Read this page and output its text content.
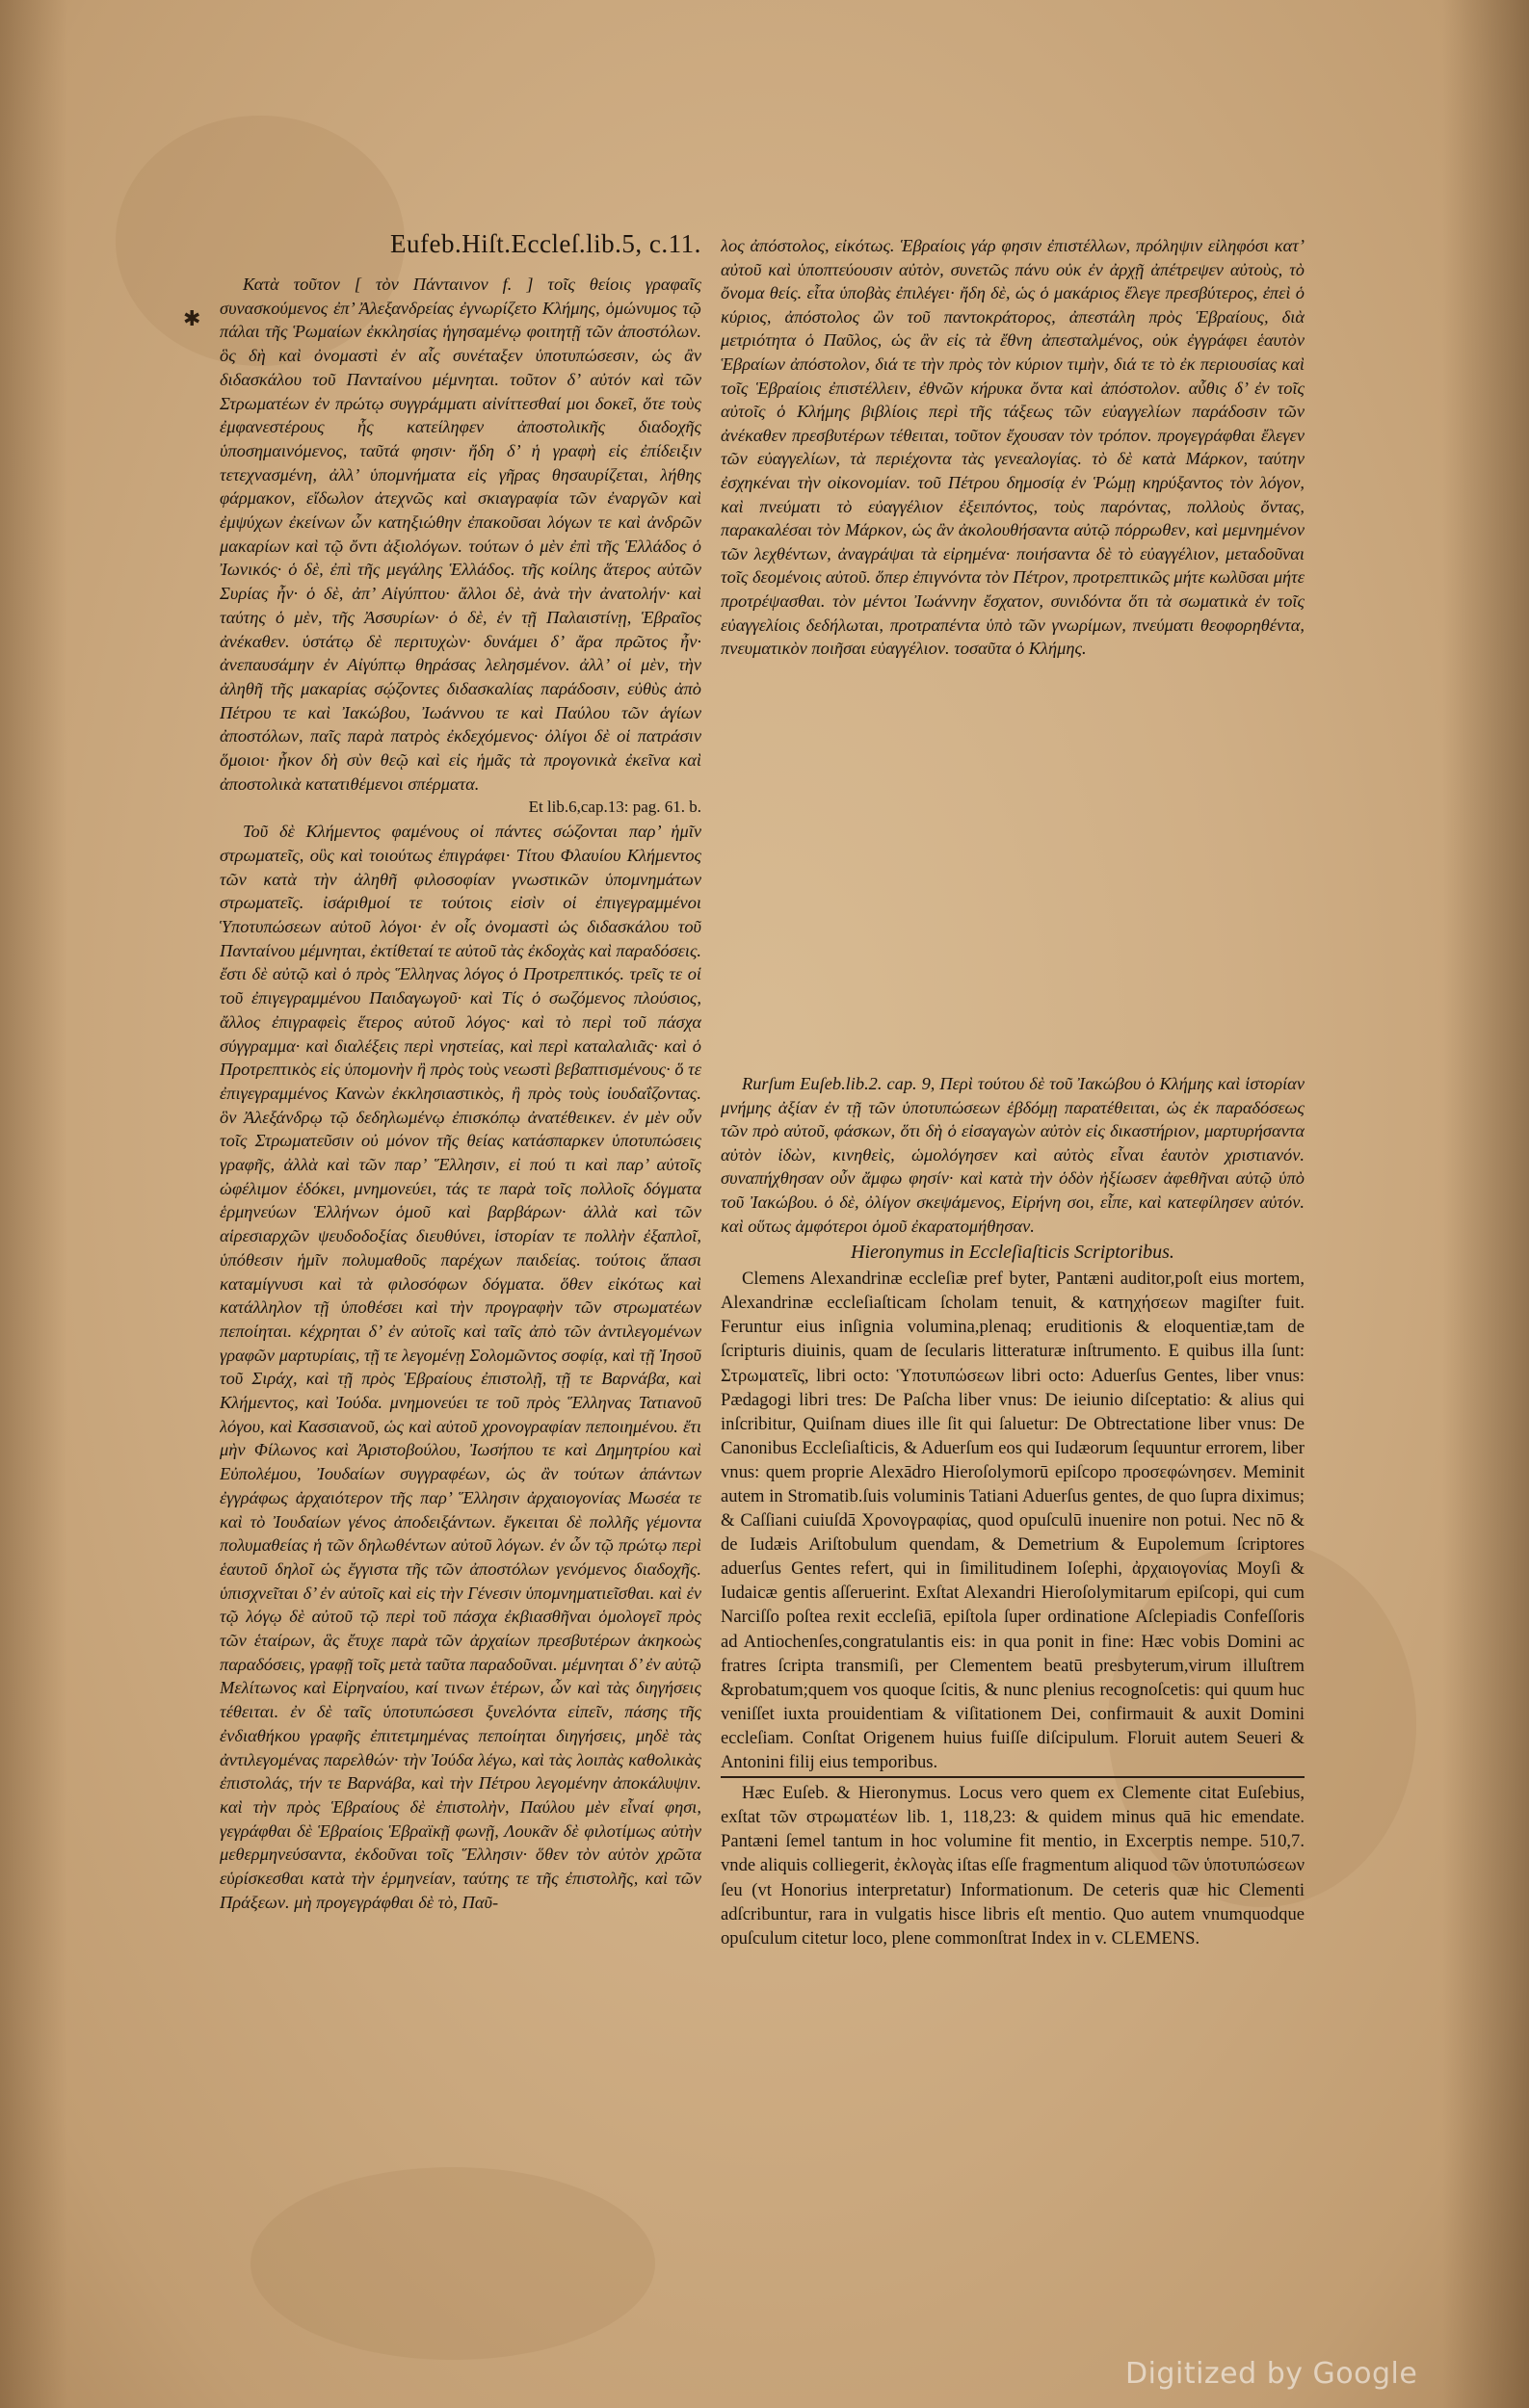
Eufeb.Hiſt.Eccleſ.lib.5, c.11.
✱

Κατὰ τοῦτον [ τὸν Πάνταινον f. ] τοῖς θείοις γραφαῖς συνασκούμενος ἐπ’ Ἀλεξανδρείας ἐγνωρίζετο Κλήμης, ὁμώνυμος τῷ πάλαι τῆς Ῥωμαίων ἐκκλησίας ἡγησαμένῳ φοιτητῇ τῶν ἀποστόλων. ὃς δὴ καὶ ὀνομαστὶ ἐν αἷς συνέταξεν ὑποτυπώσεσιν, ὡς ἂν διδασκάλου τοῦ Πανταίνου μέμνηται. τοῦτον δ’ αὐτόν καὶ τῶν Στρωματέων ἐν πρώτῳ συγγράμματι αἰνίττεσθαί μοι δοκεῖ, ὅτε τοὺς ἐμφανεστέρους ἧς κατείληφεν ἀποστολικῆς διαδοχῆς ὑποσημαινόμενος, ταῦτά φησιν· ἤδη δ’ ἡ γραφὴ εἰς ἐπίδειξιν τετεχνασμένη, ἀλλ’ ὑπομνήματα εἰς γῆρας θησαυρίζεται, λήθης φάρμακον, εἴδωλον ἀτεχνῶς καὶ σκιαγραφία τῶν ἐναργῶν καὶ ἐμψύχων ἐκείνων ὧν κατηξιώθην ἐπακοῦσαι λόγων τε καὶ ἀνδρῶν μακαρίων καὶ τῷ ὄντι ἀξιολόγων. τούτων ὁ μὲν ἐπὶ τῆς Ἑλλάδος ὁ Ἰωνικός· ὁ δὲ, ἐπὶ τῆς μεγάλης Ἑλλάδος. τῆς κοίλης ἅτερος αὐτῶν Συρίας ἦν· ὁ δὲ, ἀπ’ Αἰγύπτου· ἄλλοι δὲ, ἀνὰ τὴν ἀνατολήν· καὶ ταύτης ὁ μὲν, τῆς Ἀσσυρίων· ὁ δὲ, ἐν τῇ Παλαιστίνῃ, Ἑβραῖος ἀνέκαθεν. ὑστάτῳ δὲ περιτυχὼν· δυνάμει δ’ ἄρα πρῶτος ἦν· ἀνεπαυσάμην ἐν Αἰγύπτῳ θηράσας λελησμένον. ἀλλ’ οἱ μὲν, τὴν ἀληθῆ τῆς μακαρίας σῴζοντες διδασκαλίας παράδοσιν, εὐθὺς ἀπὸ Πέτρου τε καὶ Ἰακώβου, Ἰωάννου τε καὶ Παύλου τῶν ἁγίων ἀποστόλων, παῖς παρὰ πατρὸς ἐκδεχόμενος· ὀλίγοι δὲ οἱ πατράσιν ὅμοιοι· ἧκον δὴ σὺν θεῷ καὶ εἰς ἡμᾶς τὰ προγονικὰ ἐκεῖνα καὶ ἀποστολικὰ κατατιθέμενοι σπέρματα.

Et lib.6,cap.13: pag. 61. b.

Τοῦ δὲ Κλήμεντος φαμένους οἱ πάντες σώζονται παρ’ ἡμῖν στρωματεῖς, οὓς καὶ τοιούτως ἐπιγράφει· Τίτου Φλαυίου Κλήμεντος τῶν κατὰ τὴν ἀληθῆ φιλοσοφίαν γνωστικῶν ὑπομνημάτων στρωματεῖς. ἰσάριθμοί τε τούτοις εἰσὶν οἱ ἐπιγεγραμμένοι Ὑποτυπώσεων αὐτοῦ λόγοι· ἐν οἷς ὀνομαστὶ ὡς διδασκάλου τοῦ Πανταίνου μέμνηται, ἐκτίθεταί τε αὐτοῦ τὰς ἐκδοχὰς καὶ παραδόσεις. ἔστι δὲ αὐτῷ καὶ ὁ πρὸς Ἕλληνας λόγος ὁ Προτρεπτικός. τρεῖς τε οἱ τοῦ ἐπιγεγραμμένου Παιδαγωγοῦ· καὶ Τίς ὁ σωζόμενος πλούσιος, ἄλλος ἐπιγραφεὶς ἕτερος αὐτοῦ λόγος· καὶ τὸ περὶ τοῦ πάσχα σύγγραμμα· καὶ διαλέξεις περὶ νηστείας, καὶ περὶ καταλαλιᾶς· καὶ ὁ Προτρεπτικὸς εἰς ὑπομονὴν ἢ πρὸς τοὺς νεωστὶ βεβαπτισμένους· ὅ τε ἐπιγεγραμμένος Κανὼν ἐκκλησιαστικὸς, ἢ πρὸς τοὺς ἰουδαΐζοντας. ὃν Ἀλεξάνδρῳ τῷ δεδηλωμένῳ ἐπισκόπῳ ἀνατέθεικεν. ἐν μὲν οὖν τοῖς Στρωματεῦσιν οὐ μόνον τῆς θείας κατάσπαρκεν ὑποτυπώσεις γραφῆς, ἀλλὰ καὶ τῶν παρ’ Ἕλλησιν, εἰ πού τι καὶ παρ’ αὐτοῖς ὠφέλιμον ἐδόκει, μνημονεύει, τάς τε παρὰ τοῖς πολλοῖς δόγματα ἑρμηνεύων Ἑλλήνων ὁμοῦ καὶ βαρβάρων· ἀλλὰ καὶ τῶν αἱρεσιαρχῶν ψευδοδοξίας διευθύνει, ἱστορίαν τε πολλὴν ἐξαπλοῖ, ὑπόθεσιν ἡμῖν πολυμαθοῦς παρέχων παιδείας. τούτοις ἅπασι καταμίγνυσι καὶ τὰ φιλοσόφων δόγματα. ὅθεν εἰκότως καὶ κατάλληλον τῇ ὑποθέσει καὶ τὴν προγραφὴν τῶν στρωματέων πεποίηται. κέχρηται δ’ ἐν αὐτοῖς καὶ ταῖς ἀπὸ τῶν ἀντιλεγομένων γραφῶν μαρτυρίαις, τῇ τε λεγομένῃ Σολομῶντος σοφίᾳ, καὶ τῇ Ἰησοῦ τοῦ Σιράχ, καὶ τῇ πρὸς Ἑβραίους ἐπιστολῇ, τῇ τε Βαρνάβα, καὶ Κλήμεντος, καὶ Ἰούδα. μνημονεύει τε τοῦ πρὸς Ἕλληνας Τατιανοῦ λόγου, καὶ Κασσιανοῦ, ὡς καὶ αὐτοῦ χρονογραφίαν πεποιημένου. ἔτι μὴν Φίλωνος καὶ Ἀριστοβούλου, Ἰωσήπου τε καὶ Δημητρίου καὶ Εὐπολέμου, Ἰουδαίων συγγραφέων, ὡς ἂν τούτων ἁπάντων ἐγγράφως ἀρχαιότερον τῆς παρ’ Ἕλλησιν ἀρχαιογονίας Μωσέα τε καὶ τὸ Ἰουδαίων γένος ἀποδειξάντων. ἔγκειται δὲ πολλῆς γέμοντα πολυμαθείας ἡ τῶν δηλωθέντων αὐτοῦ λόγων. ἐν ὧν τῷ πρώτῳ περὶ ἑαυτοῦ δηλοῖ ὡς ἔγγιστα τῆς τῶν ἀποστόλων γενόμενος διαδοχῆς. ὑπισχνεῖται δ’ ἐν αὐτοῖς καὶ εἰς τὴν Γένεσιν ὑπομνηματιεῖσθαι. καὶ ἐν τῷ λόγῳ δὲ αὐτοῦ τῷ περὶ τοῦ πάσχα ἐκβιασθῆναι ὁμολογεῖ πρὸς τῶν ἑταίρων, ἃς ἔτυχε παρὰ τῶν ἀρχαίων πρεσβυτέρων ἀκηκοὼς παραδόσεις, γραφῇ τοῖς μετὰ ταῦτα παραδοῦναι. μέμνηται δ’ ἐν αὐτῷ Μελίτωνος καὶ Εἰρηναίου, καί τινων ἑτέρων, ὧν καὶ τὰς διηγήσεις τέθειται. ἐν δὲ ταῖς ὑποτυπώσεσι ξυνελόντα εἰπεῖν, πάσης τῆς ἐνδιαθήκου γραφῆς ἐπιτετμημένας πεποίηται διηγήσεις, μηδὲ τὰς ἀντιλεγομένας παρελθών· τὴν Ἰούδα λέγω, καὶ τὰς λοιπὰς καθολικὰς ἐπιστολάς, τήν τε Βαρνάβα, καὶ τὴν Πέτρου λεγομένην ἀποκάλυψιν. καὶ τὴν πρὸς Ἑβραίους δὲ ἐπιστολὴν, Παύλου μὲν εἶναί φησι, γεγράφθαι δὲ Ἑβραίοις Ἑβραϊκῇ φωνῇ, Λουκᾶν δὲ φιλοτίμως αὐτὴν μεθερμηνεύσαντα, ἐκδοῦναι τοῖς Ἕλλησιν· ὅθεν τὸν αὐτὸν χρῶτα εὑρίσκεσθαι κατὰ τὴν ἑρμηνείαν, ταύτης τε τῆς ἐπιστολῆς, καὶ τῶν Πράξεων. μὴ προγεγράφθαι δὲ τὸ, Παῦ-

λος ἀπόστολος, εἰκότως. Ἑβραίοις γάρ φησιν ἐπιστέλλων, πρόληψιν εἰληφόσι κατ’ αὐτοῦ καὶ ὑποπτεύουσιν αὐτὸν, συνετῶς πάνυ οὐκ ἐν ἀρχῇ ἀπέτρεψεν αὐτοὺς, τὸ ὄνομα θείς. εἶτα ὑποβὰς ἐπιλέγει· ἤδη δὲ, ὡς ὁ μακάριος ἔλεγε πρεσβύτερος, ἐπεὶ ὁ κύριος, ἀπόστολος ὢν τοῦ παντοκράτορος, ἀπεστάλη πρὸς Ἑβραίους, διὰ μετριότητα ὁ Παῦλος, ὡς ἂν εἰς τὰ ἔθνη ἀπεσταλμένος, οὐκ ἐγγράφει ἑαυτὸν Ἑβραίων ἀπόστολον, διά τε τὴν πρὸς τὸν κύριον τιμὴν, διά τε τὸ ἐκ περιουσίας καὶ τοῖς Ἑβραίοις ἐπιστέλλειν, ἐθνῶν κήρυκα ὄντα καὶ ἀπόστολον. αὖθις δ’ ἐν τοῖς αὐτοῖς ὁ Κλήμης βιβλίοις περὶ τῆς τάξεως τῶν εὐαγγελίων παράδοσιν τῶν ἀνέκαθεν πρεσβυτέρων τέθειται, τοῦτον ἔχουσαν τὸν τρόπον. προγεγράφθαι ἔλεγεν τῶν εὐαγγελίων, τὰ περιέχοντα τὰς γενεαλογίας. τὸ δὲ κατὰ Μάρκον, ταύτην ἐσχηκέναι τὴν οἰκονομίαν. τοῦ Πέτρου δημοσίᾳ ἐν Ῥώμῃ κηρύξαντος τὸν λόγον, καὶ πνεύματι τὸ εὐαγγέλιον ἐξειπόντος, τοὺς παρόντας, πολλοὺς ὄντας, παρακαλέσαι τὸν Μάρκον, ὡς ἂν ἀκολουθήσαντα αὐτῷ πόρρωθεν, καὶ μεμνημένον τῶν λεχθέντων, ἀναγράψαι τὰ εἰρημένα· ποιήσαντα δὲ τὸ εὐαγγέλιον, μεταδοῦναι τοῖς δεομένοις αὐτοῦ. ὅπερ ἐπιγνόντα τὸν Πέτρον, προτρεπτικῶς μήτε κωλῦσαι μήτε προτρέψασθαι. τὸν μέντοι Ἰωάννην ἔσχατον, συνιδόντα ὅτι τὰ σωματικὰ ἐν τοῖς εὐαγγελίοις δεδήλωται, προτραπέντα ὑπὸ τῶν γνωρίμων, πνεύματι θεοφορηθέντα, πνευματικὸν ποιῆσαι εὐαγγέλιον. τοσαῦτα ὁ Κλήμης.

Rurſum Euſeb.lib.2. cap. 9, Περὶ τούτου δὲ τοῦ Ἰακώβου ὁ Κλήμης καὶ ἱστορίαν μνήμης ἀξίαν ἐν τῇ τῶν ὑποτυπώσεων ἑβδόμῃ παρατέθειται, ὡς ἐκ παραδόσεως τῶν πρὸ αὐτοῦ, φάσκων, ὅτι δὴ ὁ εἰσαγαγὼν αὐτὸν εἰς δικαστήριον, μαρτυρήσαντα αὐτὸν ἰδὼν, κινηθεὶς, ὡμολόγησεν καὶ αὐτὸς εἶναι ἑαυτὸν χριστιανόν. συναπήχθησαν οὖν ἄμφω φησίν· καὶ κατὰ τὴν ὁδὸν ἠξίωσεν ἀφεθῆναι αὐτῷ ὑπὸ τοῦ Ἰακώβου. ὁ δὲ, ὀλίγον σκεψάμενος, Εἰρήνη σοι, εἶπε, καὶ κατεφίλησεν αὐτόν. καὶ οὕτως ἀμφότεροι ὁμοῦ ἐκαρατομήθησαν.

Hieronymus in Eccleſiaſticis Scriptoribus.

Clemens Alexandrinæ eccleſiæ pref byter, Pantæni auditor,poſt eius mortem, Alexandrinæ eccleſiaſticam ſcholam tenuit, & κατηχήσεων magiſter fuit. Feruntur eius inſignia volumina,plenaq; eruditionis & eloquentiæ,tam de ſcripturis diuinis, quam de ſecularis litteraturæ inſtrumento. E quibus illa ſunt: Στρωματεῖς, libri octo: Ὑποτυπώσεων libri octo: Aduerſus Gentes, liber vnus: Pædagogi libri tres: De Paſcha liber vnus: De ieiunio diſceptatio: & alius qui inſcribitur, Quiſnam diues ille ſit qui ſaluetur: De Obtrectatione liber vnus: De Canonibus Eccleſiaſticis, & Aduerſum eos qui Iudæorum ſequuntur errorem, liber vnus: quem proprie Alexādro Hieroſolymorū epiſcopo προσεφώνησεν. Meminit autem in Stromatib.ſuis voluminis Tatiani Aduerſus gentes, de quo ſupra diximus; & Caſſiani cuiuſdā Χρονογραφίας, quod opuſculū inuenire non potui. Nec nō & de Iudæis Ariſtobulum quendam, & Demetrium & Eupolemum ſcriptores aduerſus Gentes refert, qui in ſimilitudinem Ioſephi, ἀρχαιογονίας Moyſi & Iudaicæ gentis aſſeruerint. Exſtat Alexandri Hieroſolymitarum epiſcopi, qui cum Narciſſo poſtea rexit eccleſiā, epiſtola ſuper ordinatione Aſclepiadis Confeſſoris ad Antiochenſes,congratulantis eis: in qua ponit in fine: Hæc vobis Domini ac fratres ſcripta transmiſi, per Clementem beatū presbyterum,virum illuſtrem &probatum;quem vos quoque ſcitis, & nunc plenius recognoſcetis: qui quum huc veniſſet iuxta prouidentiam & viſitationem Dei, confirmauit & auxit Domini eccleſiam. Conſtat Origenem huius fuiſſe diſcipulum. Floruit autem Seueri & Antonini filij eius temporibus.

Hæc Euſeb. & Hieronymus. Locus vero quem ex Clemente citat Euſebius, exſtat τῶν στρωματέων lib. 1, 118,23: & quidem minus quā hic emendate. Pantæni ſemel tantum in hoc volumine fit mentio, in Excerptis nempe. 510,7. vnde aliquis colliegerit, ἐκλογὰς iſtas eſſe fragmentum aliquod τῶν ὑποτυπώσεων ſeu (vt Honorius interpretatur) Informationum. De ceteris quæ hic Clementi adſcribuntur, rara in vulgatis hisce libris eſt mentio. Quo autem vnumquodque opuſculum citetur loco, plene commonſtrat Index in v. CLEMENS.

Digitized by Google
